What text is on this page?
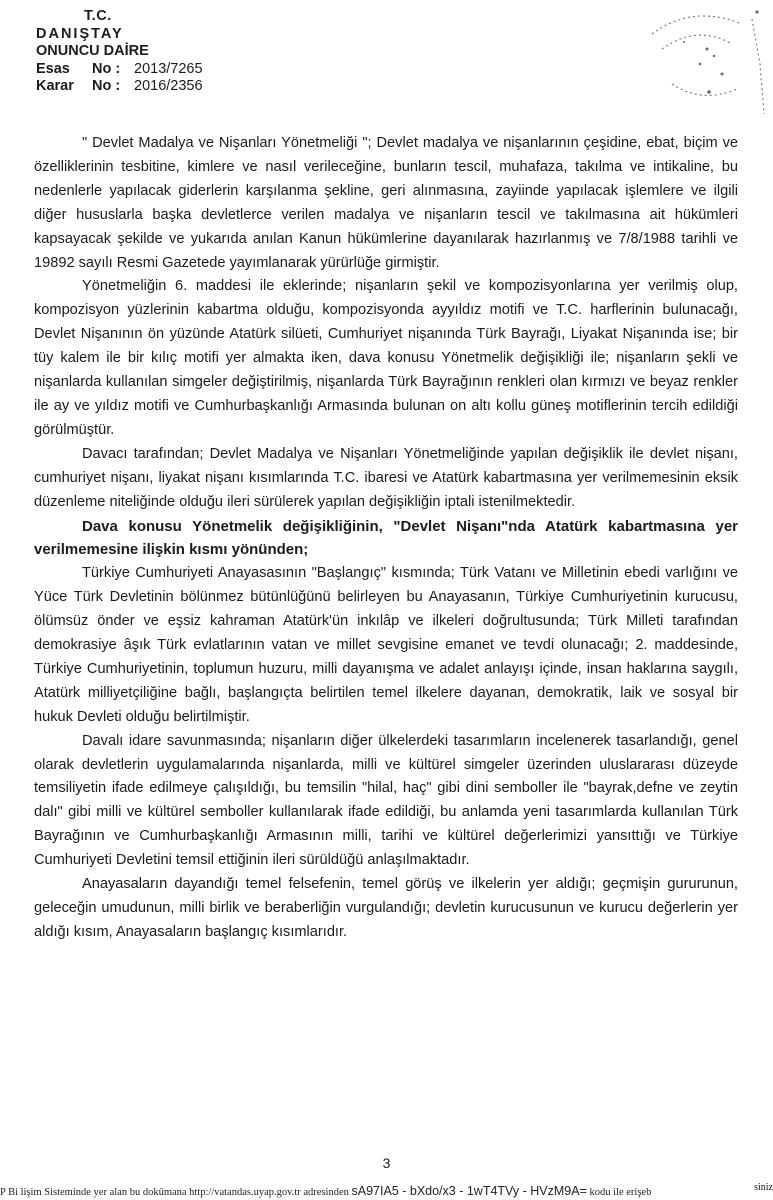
T.C.
DANIŞTAY
ONUNCU DAİRE
Esas	No : 2013/7265
Karar	No : 2016/2356

" Devlet Madalya ve Nişanları Yönetmeliği "; Devlet madalya ve nişanlarının çeşidine, ebat, biçim ve özelliklerinin tesbitine, kimlere ve nasıl verileceğine, bunların tescil, muhafaza, takılma ve intikaline, bu nedenlerle yapılacak giderlerin karşılanma şekline, geri alınmasına, zayiinde yapılacak işlemlere ve ilgili diğer hususlarla başka devletlerce verilen madalya ve nişanların tescil ve takılmasına ait hükümleri kapsayacak şekilde ve yukarıda anılan Kanun hükümlerine dayanılarak hazırlanmış ve 7/8/1988 tarihli ve 19892 sayılı Resmi Gazetede yayımlanarak yürürlüğe girmiştir.

Yönetmeliğin 6. maddesi ile eklerinde; nişanların şekil ve kompozisyonlarına yer verilmiş olup, kompozisyon yüzlerinin kabartma olduğu, kompozisyonda ayyıldız motifi ve T.C. harflerinin bulunacağı, Devlet Nişanının ön yüzünde Atatürk silüeti, Cumhuriyet nişanında Türk Bayrağı, Liyakat Nişanında ise; bir tüy kalem ile bir kılıç motifi yer almakta iken, dava konusu Yönetmelik değişikliği ile; nişanların şekli ve nişanlarda kullanılan simgeler değiştirilmiş, nişanlarda Türk Bayrağının renkleri olan kırmızı ve beyaz renkler ile ay ve yıldız motifi ve Cumhurbaşkanlığı Armasında bulunan on altı kollu güneş motiflerinin tercih edildiği görülmüştür.

Davacı tarafından; Devlet Madalya ve Nişanları Yönetmeliğinde yapılan değişiklik ile devlet nişanı, cumhuriyet nişanı, liyakat nişanı kısımlarında T.C. ibaresi ve Atatürk kabartmasına yer verilmemesinin eksik düzenleme niteliğinde olduğu ileri sürülerek yapılan değişikliğin iptali istenilmektedir.

Dava konusu Yönetmelik değişikliğinin, "Devlet Nişanı"nda Atatürk kabartmasına yer verilmemesine ilişkin kısmı yönünden;

Türkiye Cumhuriyeti Anayasasının "Başlangıç" kısmında; Türk Vatanı ve Milletinin ebedi varlığını ve Yüce Türk Devletinin bölünmez bütünlüğünü belirleyen bu Anayasanın, Türkiye Cumhuriyetinin kurucusu, ölümsüz önder ve eşsiz kahraman Atatürk'ün inkılâp ve ilkeleri doğrultusunda; Türk Milleti tarafından demokrasiye âşık Türk evlatlarının vatan ve millet sevgisine emanet ve tevdi olunacağı; 2. maddesinde, Türkiye Cumhuriyetinin, toplumun huzuru, milli dayanışma ve adalet anlayışı içinde, insan haklarına saygılı, Atatürk milliyetçiliğine bağlı, başlangıçta belirtilen temel ilkelere dayanan, demokratik, laik ve sosyal bir hukuk Devleti olduğu belirtilmiştir.

Davalı idare savunmasında; nişanların diğer ülkelerdeki tasarımların incelenerek tasarlandığı, genel olarak devletlerin uygulamalarında nişanlarda, milli ve kültürel simgeler üzerinden uluslararası düzeyde temsiliyetin ifade edilmeye çalışıldığı, bu temsilin "hilal, haç" gibi dini semboller ile "bayrak,defne ve zeytin dalı" gibi milli ve kültürel semboller kullanılarak ifade edildiği, bu anlamda yeni tasarımlarda kullanılan Türk Bayrağının ve Cumhurbaşkanlığı Armasının milli, tarihi ve kültürel değerlerimizi yansıttığı ve Türkiye Cumhuriyeti Devletini temsil ettiğinin ileri sürüldüğü anlaşılmaktadır.

Anayasaların dayandığı temel felsefenin, temel görüş ve ilkelerin yer aldığı; geçmişin gururunun, geleceğin umudunun, milli birlik ve beraberliğin vurgulandığı; devletin kurucusunun ve kurucu değerlerin yer aldığı kısım, Anayasaların başlangıç kısımlarıdır.

3
P Bi lişim Sisteminde yer alan bu dokümana http://vatandas.uyap.gov.tr adresinden sA97IA5 - bXdo/x3 - 1wT4TVy - HVzM9A= kodu ile erişeb	siniz
